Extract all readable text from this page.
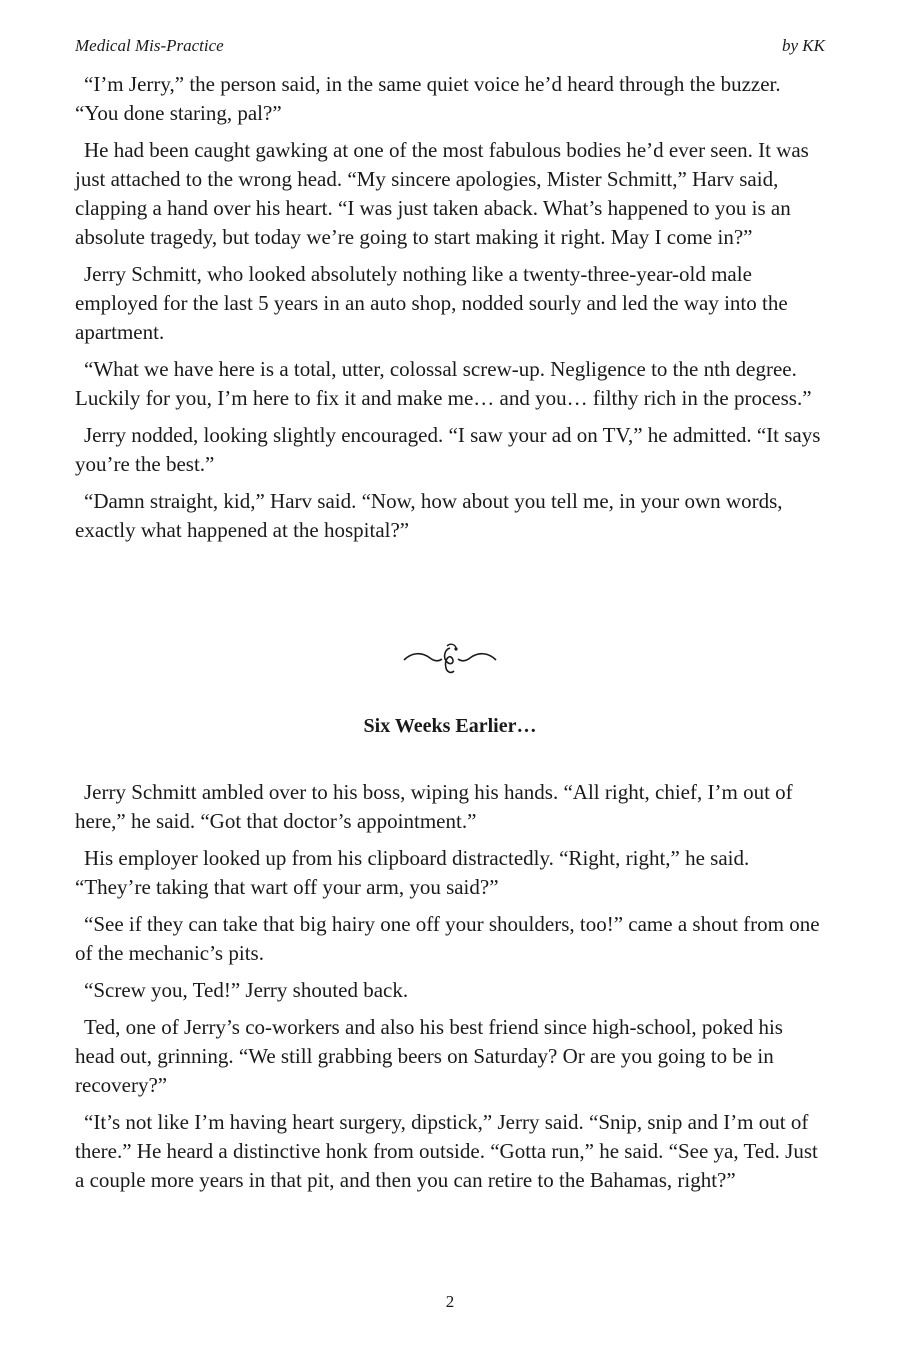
Medical Mis-Practice	by KK

“I’m Jerry,” the person said, in the same quiet voice he’d heard through the buzzer. “You done staring, pal?”

He had been caught gawking at one of the most fabulous bodies he’d ever seen. It was just attached to the wrong head. “My sincere apologies, Mister Schmitt,” Harv said, clapping a hand over his heart. “I was just taken aback. What’s happened to you is an absolute tragedy, but today we’re going to start making it right. May I come in?”

Jerry Schmitt, who looked absolutely nothing like a twenty-three-year-old male employed for the last 5 years in an auto shop, nodded sourly and led the way into the apartment.

“What we have here is a total, utter, colossal screw-up. Negligence to the nth degree. Luckily for you, I’m here to fix it and make me… and you… filthy rich in the process.”

Jerry nodded, looking slightly encouraged. “I saw your ad on TV,” he admitted. “It says you’re the best.”

“Damn straight, kid,” Harv said. “Now, how about you tell me, in your own words, exactly what happened at the hospital?”

Six Weeks Earlier…

Jerry Schmitt ambled over to his boss, wiping his hands. “All right, chief, I’m out of here,” he said. “Got that doctor’s appointment.”

His employer looked up from his clipboard distractedly. “Right, right,” he said. “They’re taking that wart off your arm, you said?”

“See if they can take that big hairy one off your shoulders, too!” came a shout from one of the mechanic’s pits.

“Screw you, Ted!” Jerry shouted back.

Ted, one of Jerry’s co-workers and also his best friend since high-school, poked his head out, grinning. “We still grabbing beers on Saturday? Or are you going to be in recovery?”

“It’s not like I’m having heart surgery, dipstick,” Jerry said. “Snip, snip and I’m out of there.” He heard a distinctive honk from outside. “Gotta run,” he said. “See ya, Ted. Just a couple more years in that pit, and then you can retire to the Bahamas, right?”

2
